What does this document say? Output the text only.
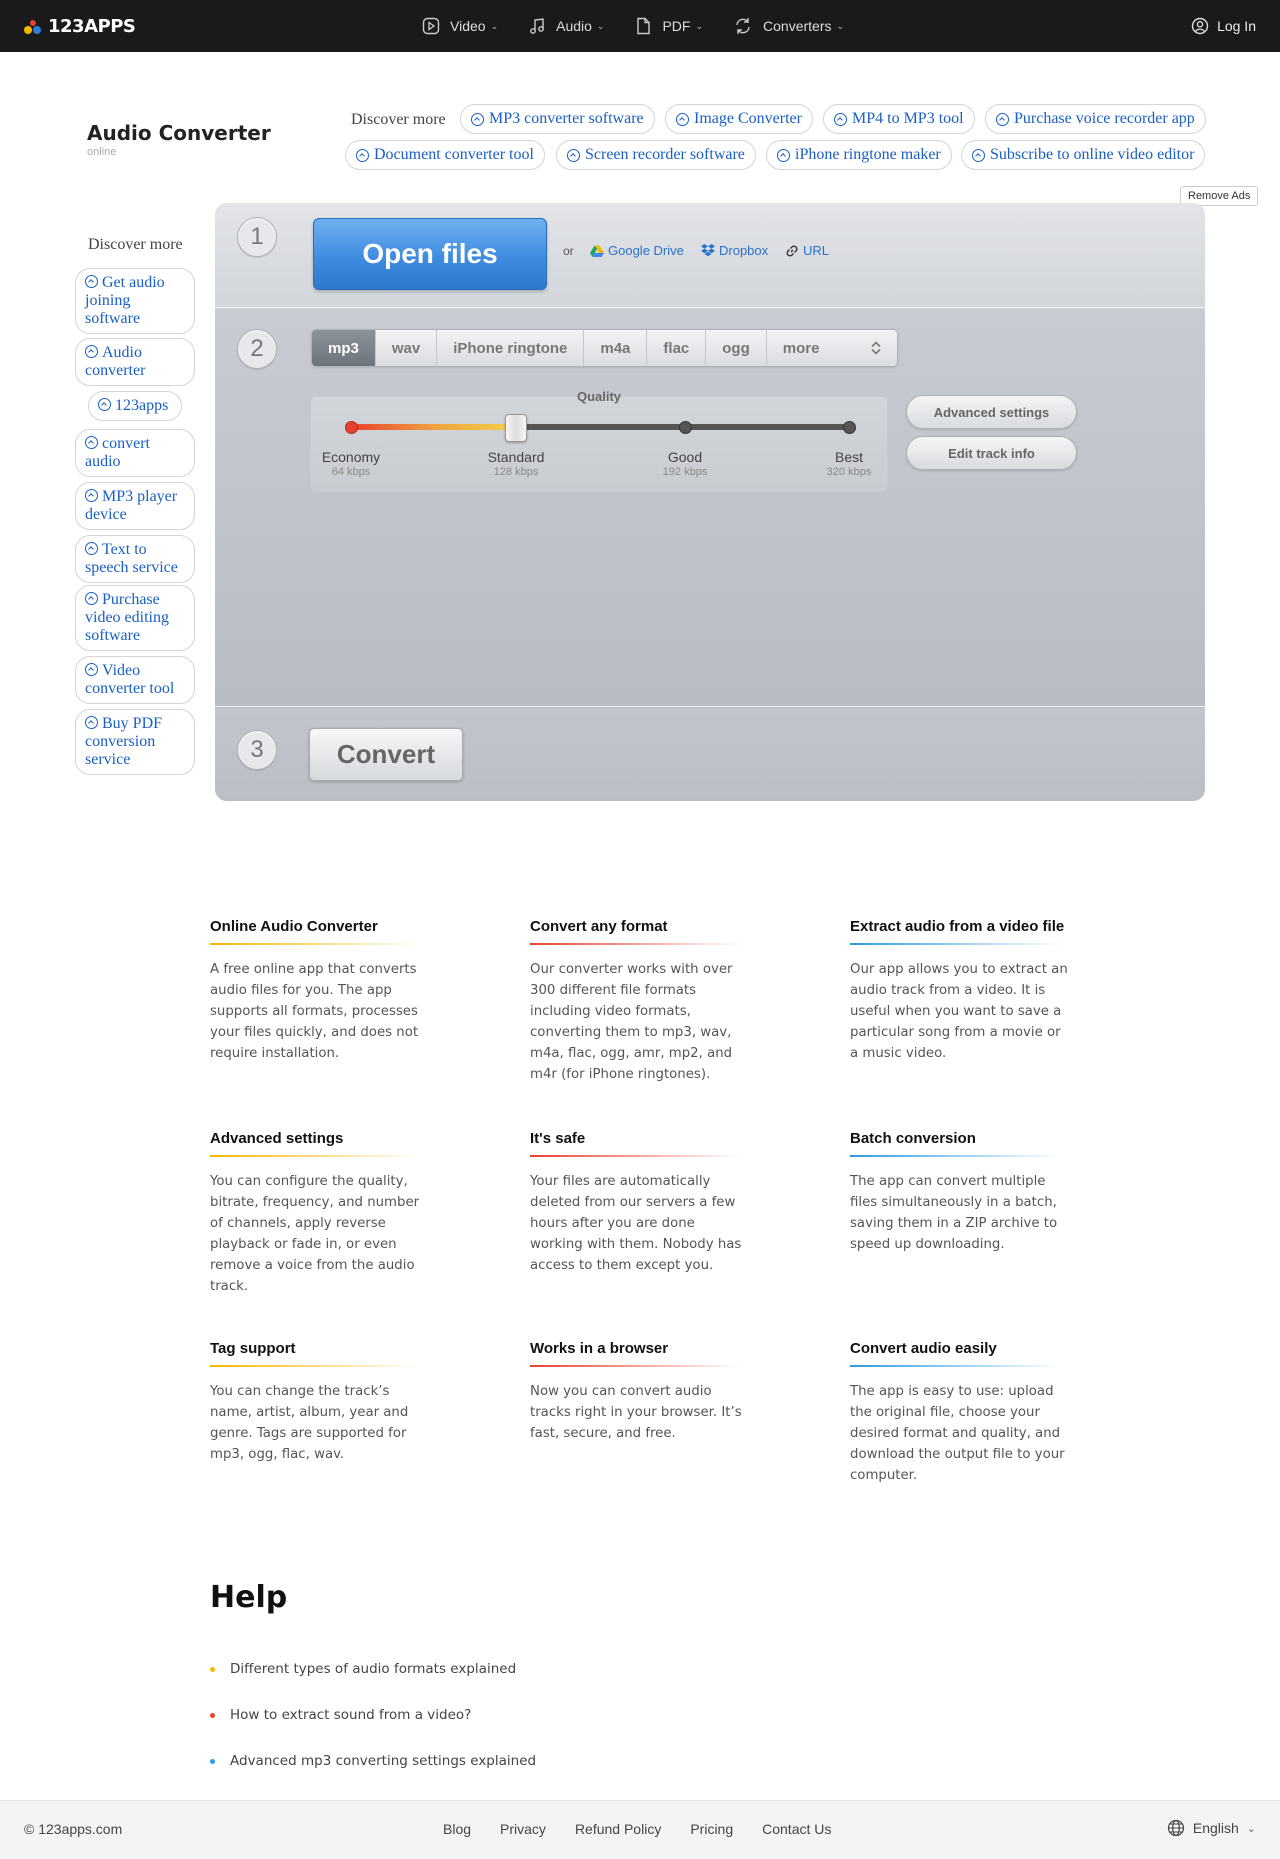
123APPS	Video ⌄	Audio ⌄	PDF ⌄	Converters ⌄	Log In
Audio Converter
online
Discover more	MP3 converter software	Image Converter	MP4 to MP3 tool	Purchase voice recorder app
Document converter tool	Screen recorder software	iPhone ringtone maker	Subscribe to online video editor
Remove Ads
Discover more
Get audio joining software
Audio converter
123apps
convert audio
MP3 player device
Text to speech service
Purchase video editing software
Video converter tool
Buy PDF conversion service
1
Open files	or	Google Drive	Dropbox	URL
2	mp3	wav	iPhone ringtone	m4a	flac	ogg	more
Quality
Economy
64 kbps
Standard
128 kbps
Good
192 kbps
Best
320 kbps
Advanced settings
Edit track info
3	Convert
Online Audio Converter

A free online app that converts audio files for you. The app supports all formats, processes your files quickly, and does not require installation.

Convert any format

Our converter works with over 300 different file formats including video formats, converting them to mp3, wav, m4a, flac, ogg, amr, mp2, and m4r (for iPhone ringtones).

Extract audio from a video file

Our app allows you to extract an audio track from a video. It is useful when you want to save a particular song from a movie or a music video.

Advanced settings

You can configure the quality, bitrate, frequency, and number of channels, apply reverse playback or fade in, or even remove a voice from the audio track.

It's safe

Your files are automatically deleted from our servers a few hours after you are done working with them. Nobody has access to them except you.

Batch conversion

The app can convert multiple files simultaneously in a batch, saving them in a ZIP archive to speed up downloading.

Tag support

You can change the track’s name, artist, album, year and genre. Tags are supported for mp3, ogg, flac, wav.

Works in a browser

Now you can convert audio tracks right in your browser. It’s fast, secure, and free.

Convert audio easily

The app is easy to use: upload the original file, choose your desired format and quality, and download the output file to your computer.

Help
Different types of audio formats explained
How to extract sound from a video?
Advanced mp3 converting settings explained
© 123apps.com	Blog Privacy Refund Policy Pricing Contact Us	English ⌄
